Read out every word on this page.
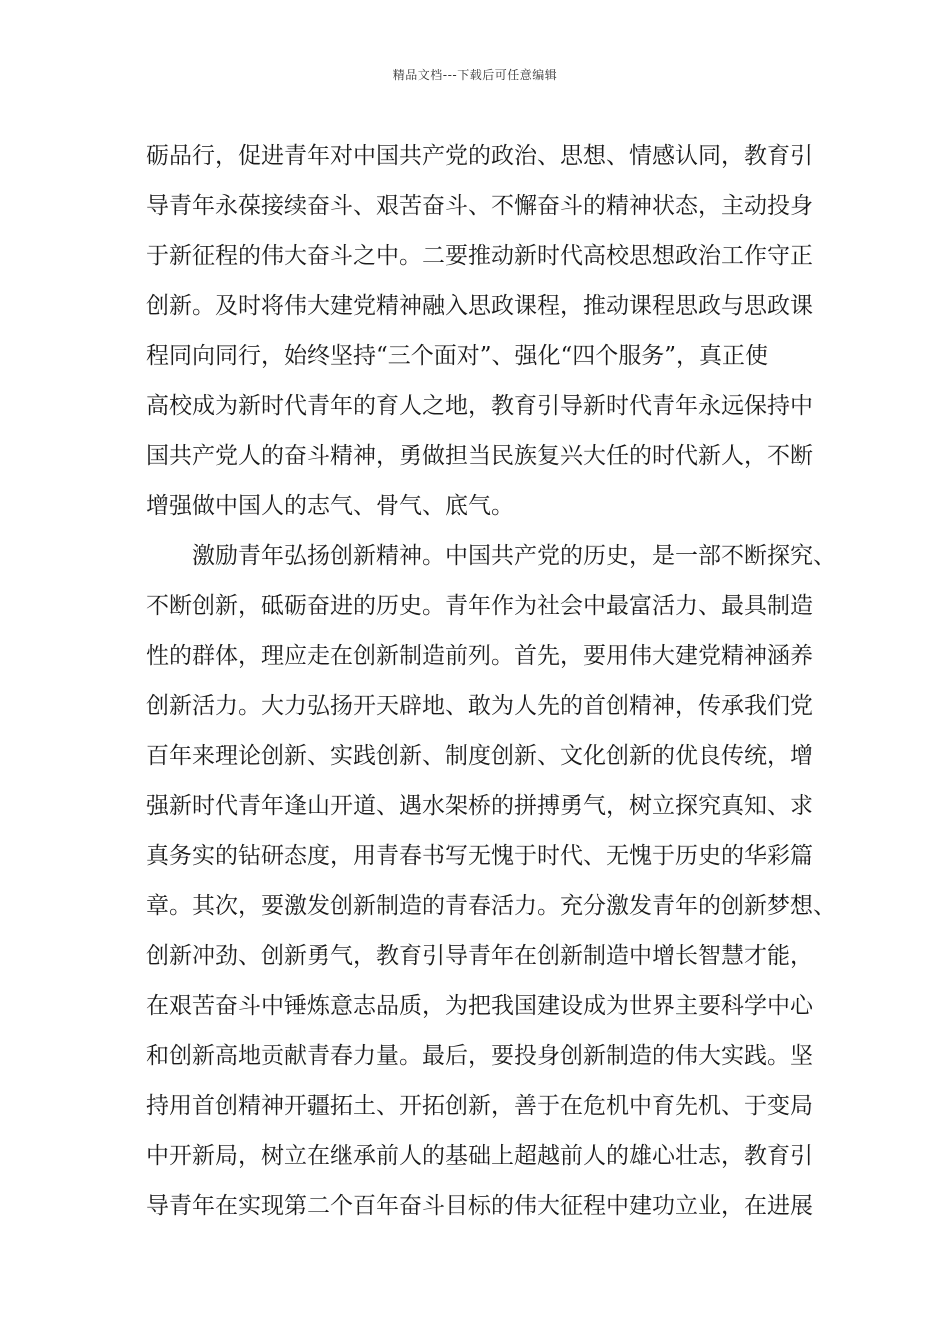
精品文档---下载后可任意编辑
砺品行，促进青年对中国共产党的政治、思想、情感认同，教育引
导青年永葆接续奋斗、艰苦奋斗、不懈奋斗的精神状态，主动投身
于新征程的伟大奋斗之中。二要推动新时代高校思想政治工作守正
创新。及时将伟大建党精神融入思政课程，推动课程思政与思政课
程同向同行，始终坚持“三个面对”、强化“四个服务”，真正使
高校成为新时代青年的育人之地，教育引导新时代青年永远保持中
国共产党人的奋斗精神，勇做担当民族复兴大任的时代新人，不断
增强做中国人的志气、骨气、底气。
激励青年弘扬创新精神。中国共产党的历史，是一部不断探究、
不断创新，砥砺奋进的历史。青年作为社会中最富活力、最具制造
性的群体，理应走在创新制造前列。首先，要用伟大建党精神涵养
创新活力。大力弘扬开天辟地、敢为人先的首创精神，传承我们党
百年来理论创新、实践创新、制度创新、文化创新的优良传统，增
强新时代青年逢山开道、遇水架桥的拼搏勇气，树立探究真知、求
真务实的钻研态度，用青春书写无愧于时代、无愧于历史的华彩篇
章。其次，要激发创新制造的青春活力。充分激发青年的创新梦想、
创新冲劲、创新勇气，教育引导青年在创新制造中增长智慧才能，
在艰苦奋斗中锤炼意志品质，为把我国建设成为世界主要科学中心
和创新高地贡献青春力量。最后，要投身创新制造的伟大实践。坚
持用首创精神开疆拓土、开拓创新，善于在危机中育先机、于变局
中开新局，树立在继承前人的基础上超越前人的雄心壮志，教育引
导青年在实现第二个百年奋斗目标的伟大征程中建功立业，在进展
